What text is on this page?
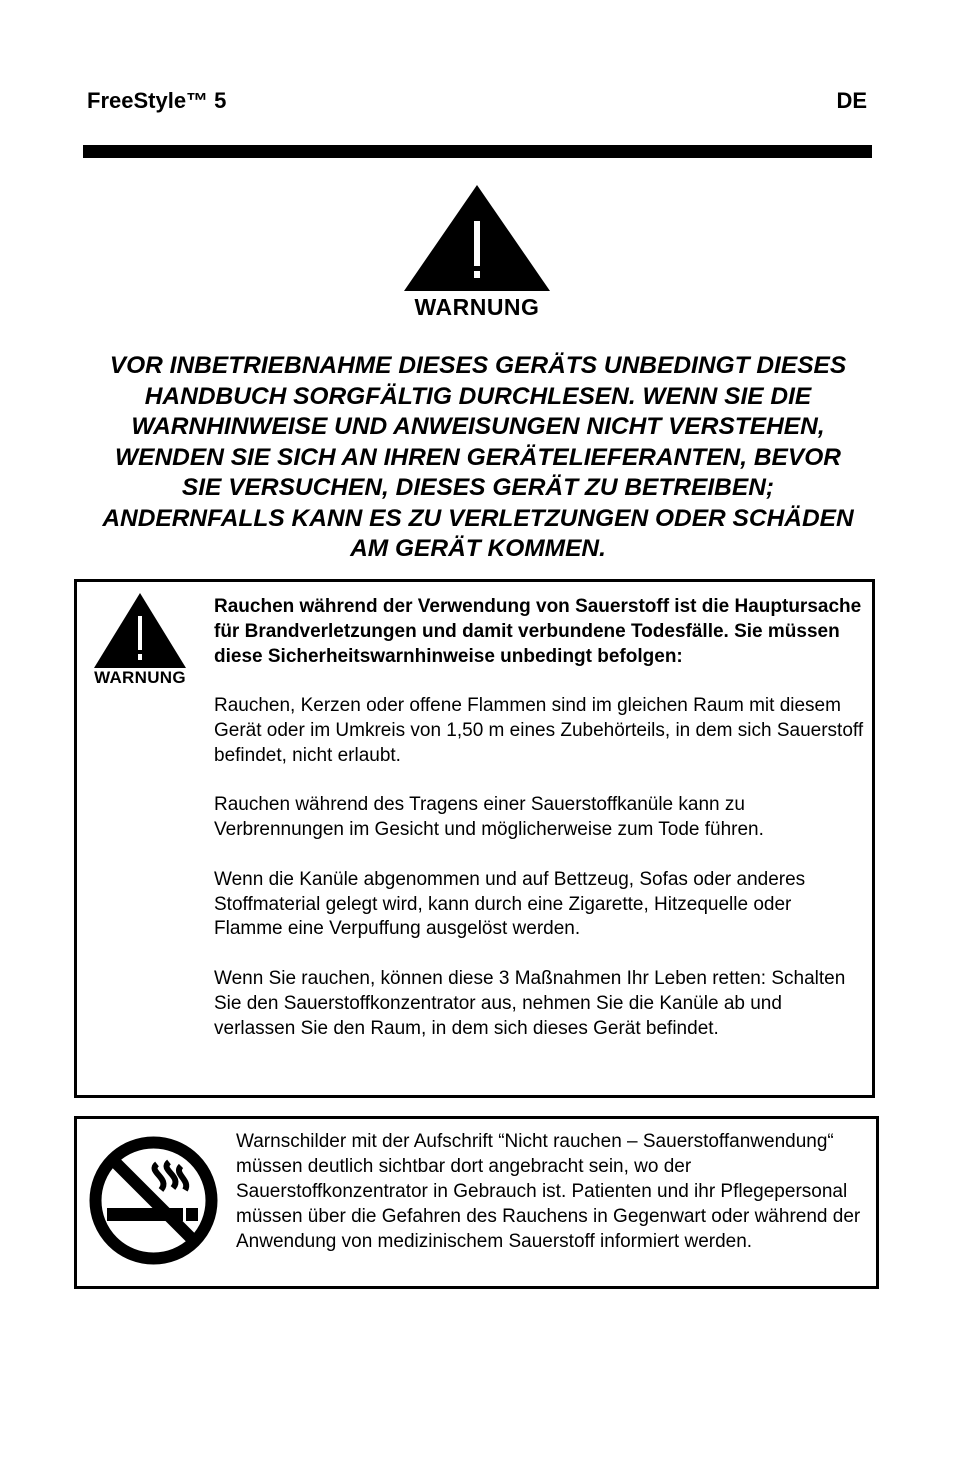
FreeStyle™ 5	DE
WARNUNG
VOR INBETRIEBNAHME DIESES GERÄTS UNBEDINGT DIESES HANDBUCH SORGFÄLTIG DURCHLESEN. WENN SIE DIE WARNHINWEISE UND ANWEISUNGEN NICHT VERSTEHEN, WENDEN SIE SICH AN IHREN GERÄTELIEFERANTEN, BEVOR SIE VERSUCHEN, DIESES GERÄT ZU BETREIBEN; ANDERNFALLS KANN ES ZU VERLETZUNGEN ODER SCHÄDEN AM GERÄT KOMMEN.
WARNUNG

Rauchen während der Verwendung von Sauerstoff ist die Hauptursache für Brandverletzungen und damit verbundene Todesfälle. Sie müssen diese Sicherheitswarnhinweise unbedingt befolgen:

Rauchen, Kerzen oder offene Flammen sind im gleichen Raum mit diesem Gerät oder im Umkreis von 1,50 m eines Zubehörteils, in dem sich Sauerstoff befindet, nicht erlaubt.

Rauchen während des Tragens einer Sauerstoffkanüle kann zu Verbrennungen im Gesicht und möglicherweise zum Tode führen.

Wenn die Kanüle abgenommen und auf Bettzeug, Sofas oder anderes Stoffmaterial gelegt wird, kann durch eine Zigarette, Hitzequelle oder Flamme eine Verpuffung ausgelöst werden.

Wenn Sie rauchen, können diese 3 Maßnahmen Ihr Leben retten: Schalten Sie den Sauerstoffkonzentrator aus, nehmen Sie die Kanüle ab und verlassen Sie den Raum, in dem sich dieses Gerät befindet.

Warnschilder mit der Aufschrift “Nicht rauchen – Sauerstoffanwendung“ müssen deutlich sichtbar dort angebracht sein, wo der Sauerstoffkonzentrator in Gebrauch ist. Patienten und ihr Pflegepersonal müssen über die Gefahren des Rauchens in Gegenwart oder während der Anwendung von medizinischem Sauerstoff informiert werden.
